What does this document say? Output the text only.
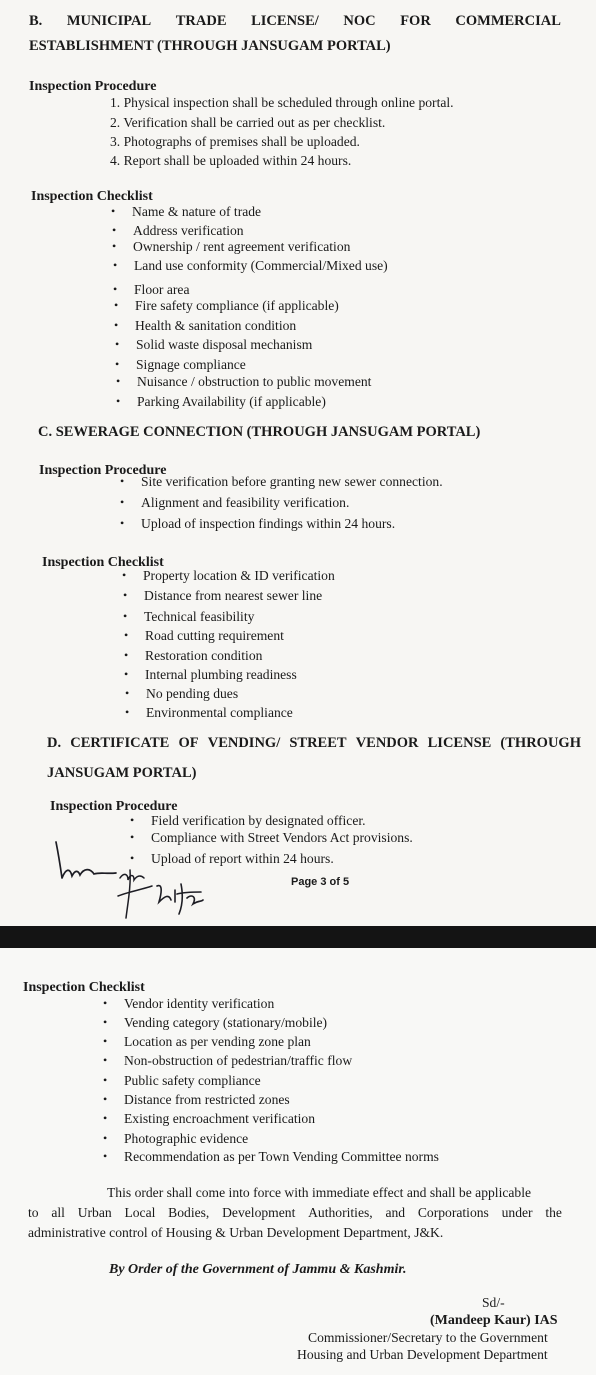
B. MUNICIPAL TRADE LICENSE/ NOC FOR COMMERCIAL
ESTABLISHMENT (THROUGH JANSUGAM PORTAL)
Inspection Procedure
1. Physical inspection shall be scheduled through online portal.
2. Verification shall be carried out as per checklist.
3. Photographs of premises shall be uploaded.
4. Report shall be uploaded within 24 hours.
Inspection Checklist
• Name & nature of trade
• Address verification
• Ownership / rent agreement verification
• Land use conformity (Commercial/Mixed use)
• Floor area
• Fire safety compliance (if applicable)
• Health & sanitation condition
• Solid waste disposal mechanism
• Signage compliance
• Nuisance / obstruction to public movement
• Parking Availability (if applicable)
C. SEWERAGE CONNECTION (THROUGH JANSUGAM PORTAL)
Inspection Procedure
• Site verification before granting new sewer connection.
• Alignment and feasibility verification.
• Upload of inspection findings within 24 hours.
Inspection Checklist
• Property location & ID verification
• Distance from nearest sewer line
• Technical feasibility
• Road cutting requirement
• Restoration condition
• Internal plumbing readiness
• No pending dues
• Environmental compliance
D. CERTIFICATE OF VENDING/ STREET VENDOR LICENSE (THROUGH
JANSUGAM PORTAL)
Inspection Procedure
• Field verification by designated officer.
• Compliance with Street Vendors Act provisions.
• Upload of report within 24 hours.
Page 3 of 5
Inspection Checklist
• Vendor identity verification
• Vending category (stationary/mobile)
• Location as per vending zone plan
• Non-obstruction of pedestrian/traffic flow
• Public safety compliance
• Distance from restricted zones
• Existing encroachment verification
• Photographic evidence
• Recommendation as per Town Vending Committee norms
This order shall come into force with immediate effect and shall be applicable
to all Urban Local Bodies, Development Authorities, and Corporations under the
administrative control of Housing & Urban Development Department, J&K.
By Order of the Government of Jammu & Kashmir.
Sd/-
(Mandeep Kaur) IAS
Commissioner/Secretary to the Government
Housing and Urban Development Department
